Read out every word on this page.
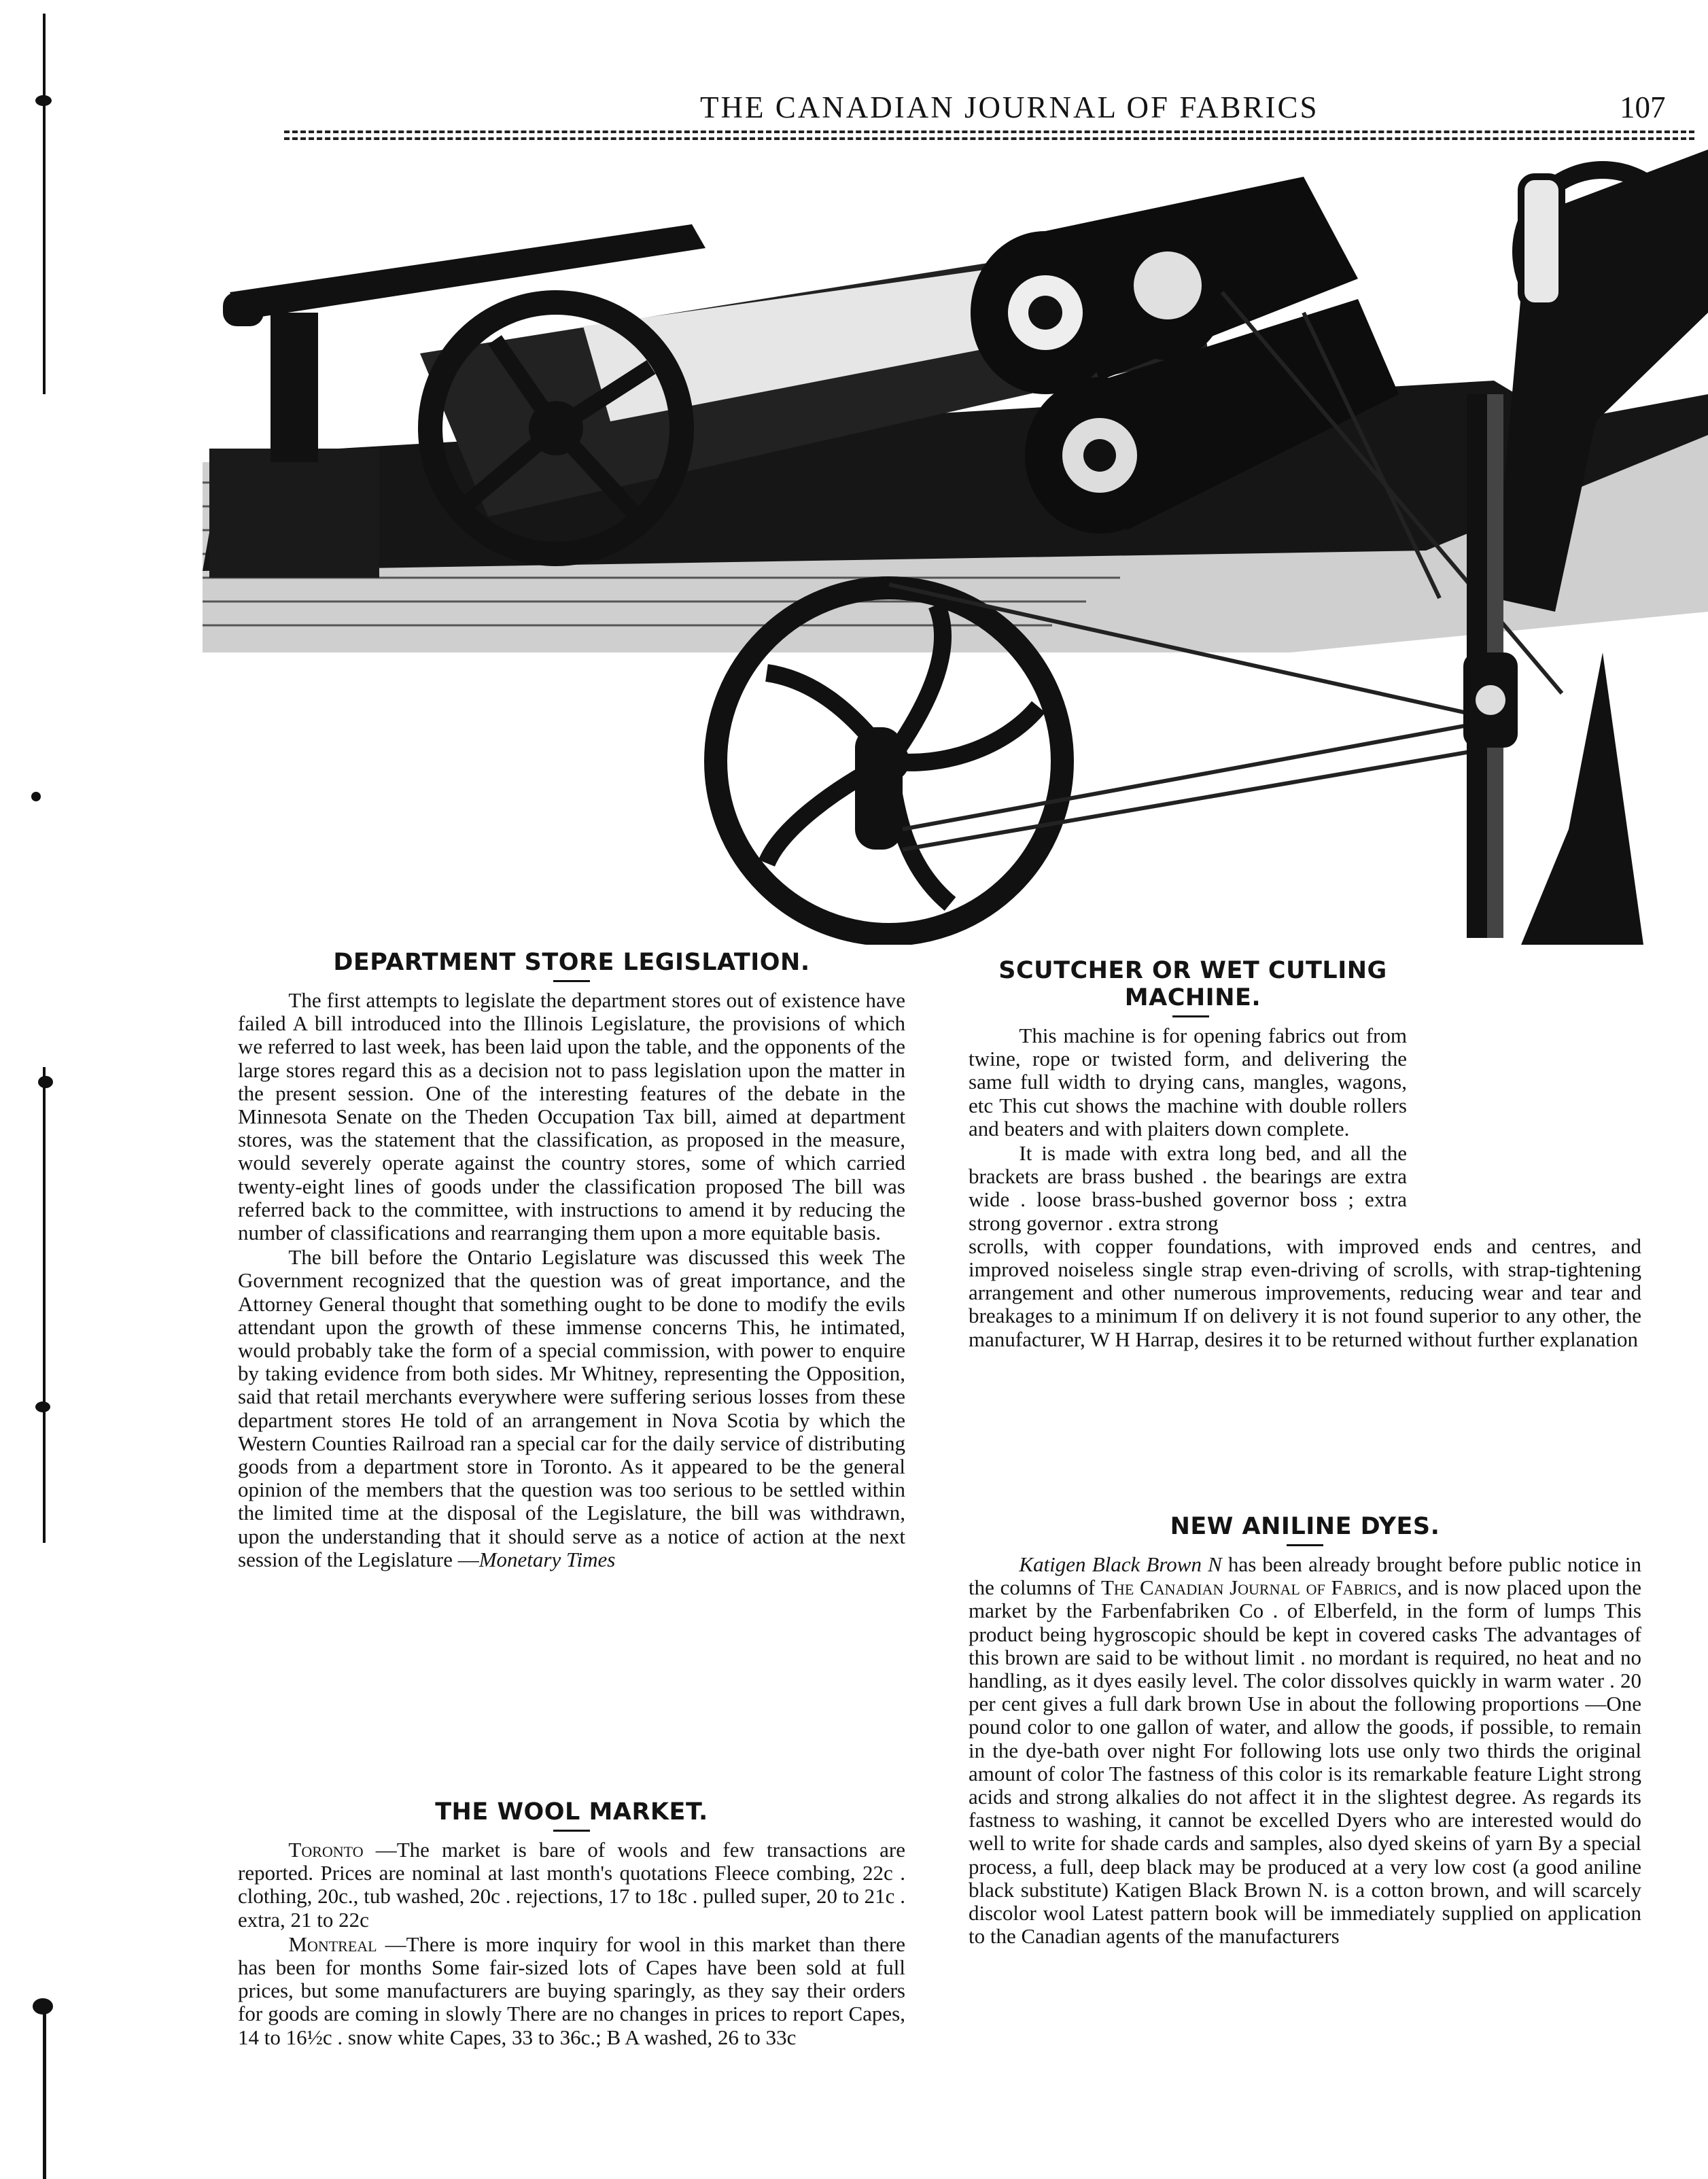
THE CANADIAN JOURNAL OF FABRICS	107
DEPARTMENT STORE LEGISLATION.

The first attempts to legislate the department stores out of existence have failed A bill introduced into the Illinois Legislature, the provisions of which we referred to last week, has been laid upon the table, and the opponents of the large stores regard this as a decision not to pass legislation upon the matter in the present session. One of the interesting features of the debate in the Minnesota Senate on the Theden Occupation Tax bill, aimed at department stores, was the statement that the classification, as proposed in the measure, would severely operate against the country stores, some of which carried twenty-eight lines of goods under the classification proposed The bill was referred back to the committee, with instructions to amend it by reducing the number of classifications and rearranging them upon a more equitable basis.

The bill before the Ontario Legislature was discussed this week The Government recognized that the question was of great importance, and the Attorney General thought that something ought to be done to modify the evils attendant upon the growth of these immense concerns This, he intimated, would probably take the form of a special commission, with power to enquire by taking evidence from both sides. Mr Whitney, representing the Opposition, said that retail merchants everywhere were suffering serious losses from these department stores He told of an arrangement in Nova Scotia by which the Western Counties Railroad ran a special car for the daily service of distributing goods from a department store in Toronto. As it appeared to be the general opinion of the members that the question was too serious to be settled within the limited time at the disposal of the Legislature, the bill was withdrawn, upon the understanding that it should serve as a notice of action at the next session of the Legislature —Monetary Times

THE WOOL MARKET.

Toronto —The market is bare of wools and few transactions are reported. Prices are nominal at last month's quotations Fleece combing, 22c . clothing, 20c., tub washed, 20c . rejections, 17 to 18c . pulled super, 20 to 21c . extra, 21 to 22c

Montreal —There is more inquiry for wool in this market than there has been for months Some fair-sized lots of Capes have been sold at full prices, but some manufacturers are buying sparingly, as they say their orders for goods are coming in slowly There are no changes in prices to report Capes, 14 to 16½c . snow white Capes, 33 to 36c.; B A washed, 26 to 33c

SCUTCHER OR WET CUTLING MACHINE.

This machine is for opening fabrics out from twine, rope or twisted form, and delivering the same full width to drying cans, mangles, wagons, etc This cut shows the machine with double rollers and beaters and with plaiters down complete.

It is made with extra long bed, and all the brackets are brass bushed . the bearings are extra wide . loose brass-bushed governor boss ; extra strong governor . extra strong

scrolls, with copper foundations, with improved ends and centres, and improved noiseless single strap even-driving of scrolls, with strap-tightening arrangement and other numerous improvements, reducing wear and tear and breakages to a minimum If on delivery it is not found superior to any other, the manufacturer, W H Harrap, desires it to be returned without further explanation

NEW ANILINE DYES.

Katigen Black Brown N has been already brought before public notice in the columns of The Canadian Journal of Fabrics, and is now placed upon the market by the Farbenfabriken Co . of Elberfeld, in the form of lumps This product being hygroscopic should be kept in covered casks The advantages of this brown are said to be without limit . no mordant is required, no heat and no handling, as it dyes easily level. The color dissolves quickly in warm water . 20 per cent gives a full dark brown Use in about the following proportions —One pound color to one gallon of water, and allow the goods, if possible, to remain in the dye-bath over night For following lots use only two thirds the original amount of color The fastness of this color is its remarkable feature Light strong acids and strong alkalies do not affect it in the slightest degree. As regards its fastness to washing, it cannot be excelled Dyers who are interested would do well to write for shade cards and samples, also dyed skeins of yarn By a special process, a full, deep black may be produced at a very low cost (a good aniline black substitute) Katigen Black Brown N. is a cotton brown, and will scarcely discolor wool Latest pattern book will be immediately supplied on application to the Canadian agents of the manufacturers
